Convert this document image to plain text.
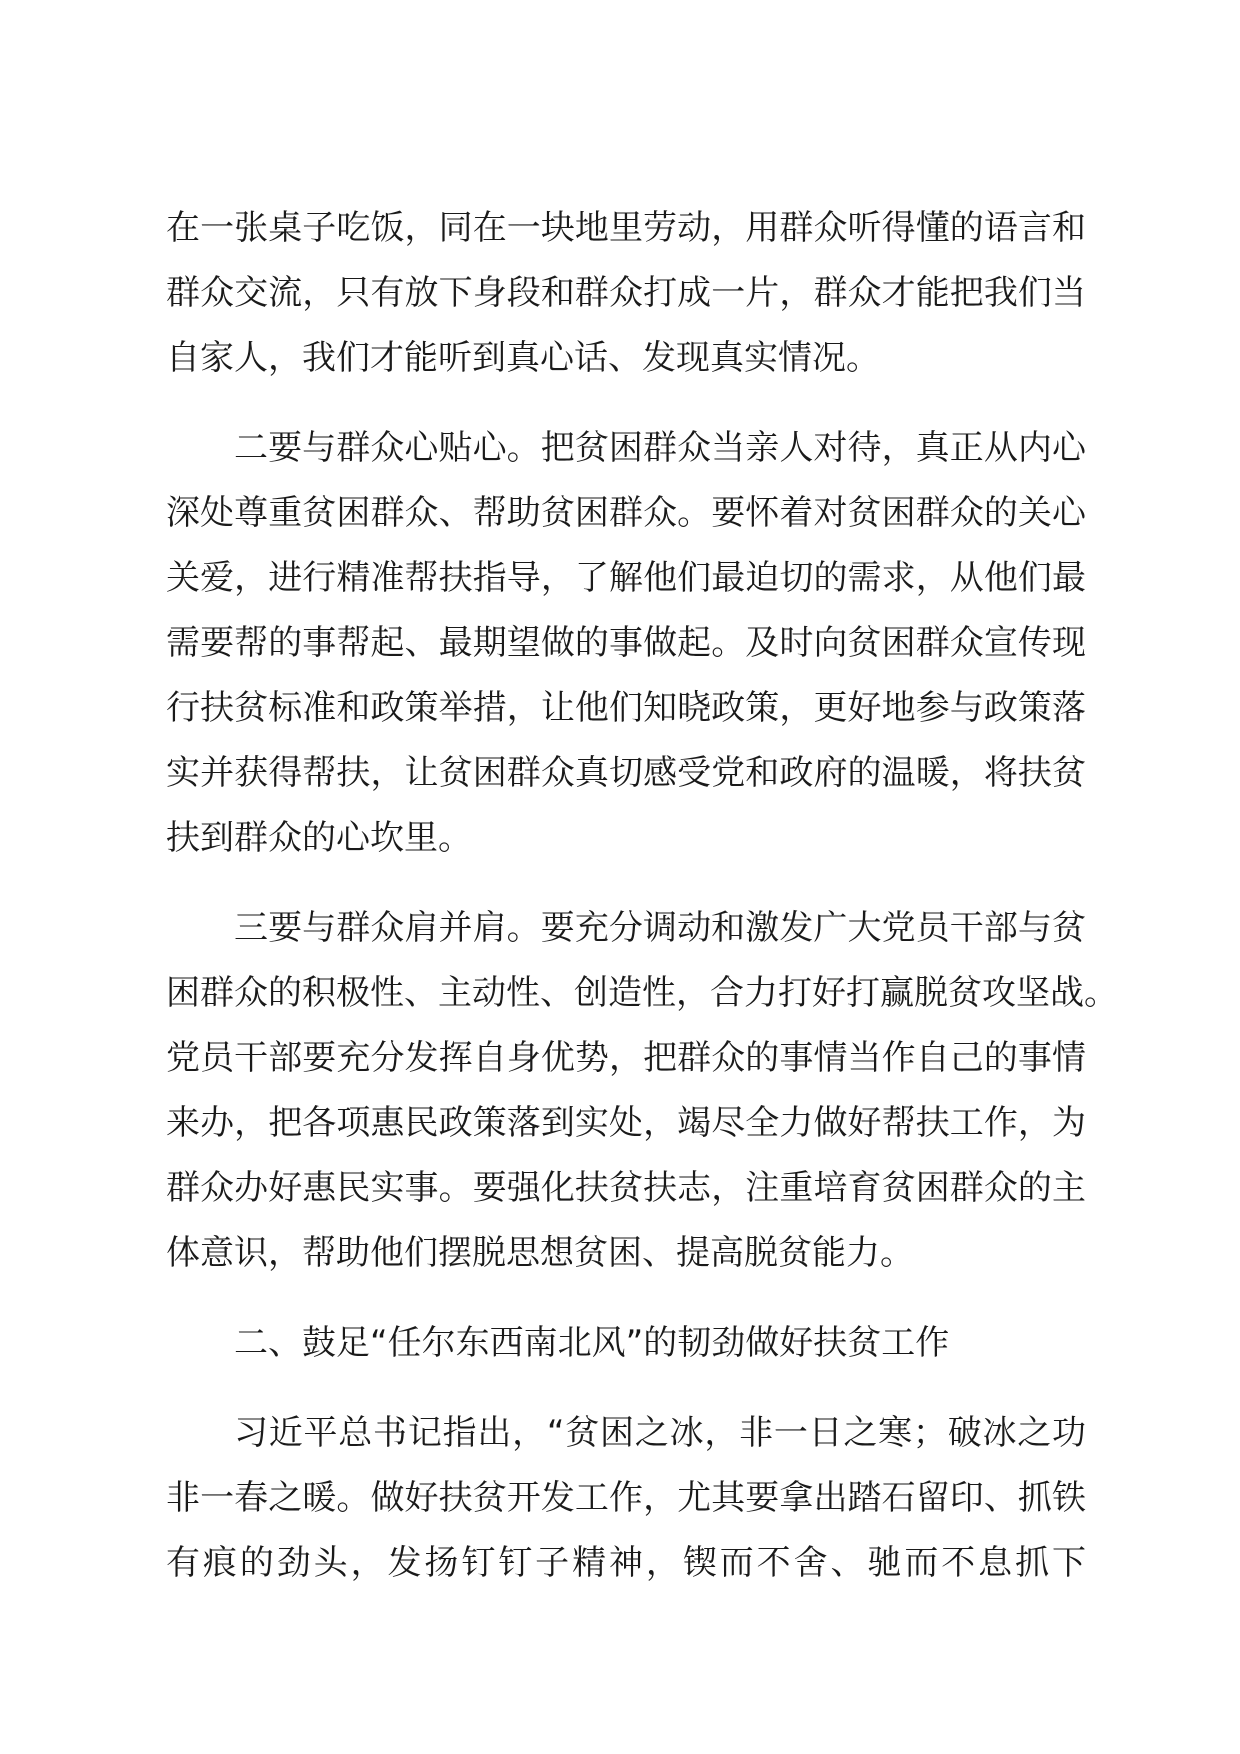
在一张桌子吃饭，同在一块地里劳动，用群众听得懂的语言和
群众交流，只有放下身段和群众打成一片，群众才能把我们当
自家人，我们才能听到真心话、发现真实情况。
二要与群众心贴心。把贫困群众当亲人对待，真正从内心
深处尊重贫困群众、帮助贫困群众。要怀着对贫困群众的关心
关爱，进行精准帮扶指导，了解他们最迫切的需求，从他们最
需要帮的事帮起、最期望做的事做起。及时向贫困群众宣传现
行扶贫标准和政策举措，让他们知晓政策，更好地参与政策落
实并获得帮扶，让贫困群众真切感受党和政府的温暖，将扶贫
扶到群众的心坎里。
三要与群众肩并肩。要充分调动和激发广大党员干部与贫
困群众的积极性、主动性、创造性，合力打好打赢脱贫攻坚战。
党员干部要充分发挥自身优势，把群众的事情当作自己的事情
来办，把各项惠民政策落到实处，竭尽全力做好帮扶工作，为
群众办好惠民实事。要强化扶贫扶志，注重培育贫困群众的主
体意识，帮助他们摆脱思想贫困、提高脱贫能力。
二、鼓足“任尔东西南北风”的韧劲做好扶贫工作
习近平总书记指出，“贫困之冰，非一日之寒；破冰之功
非一春之暖。做好扶贫开发工作，尤其要拿出踏石留印、抓铁
有痕的劲头，发扬钉钉子精神，锲而不舍、驰而不息抓下
